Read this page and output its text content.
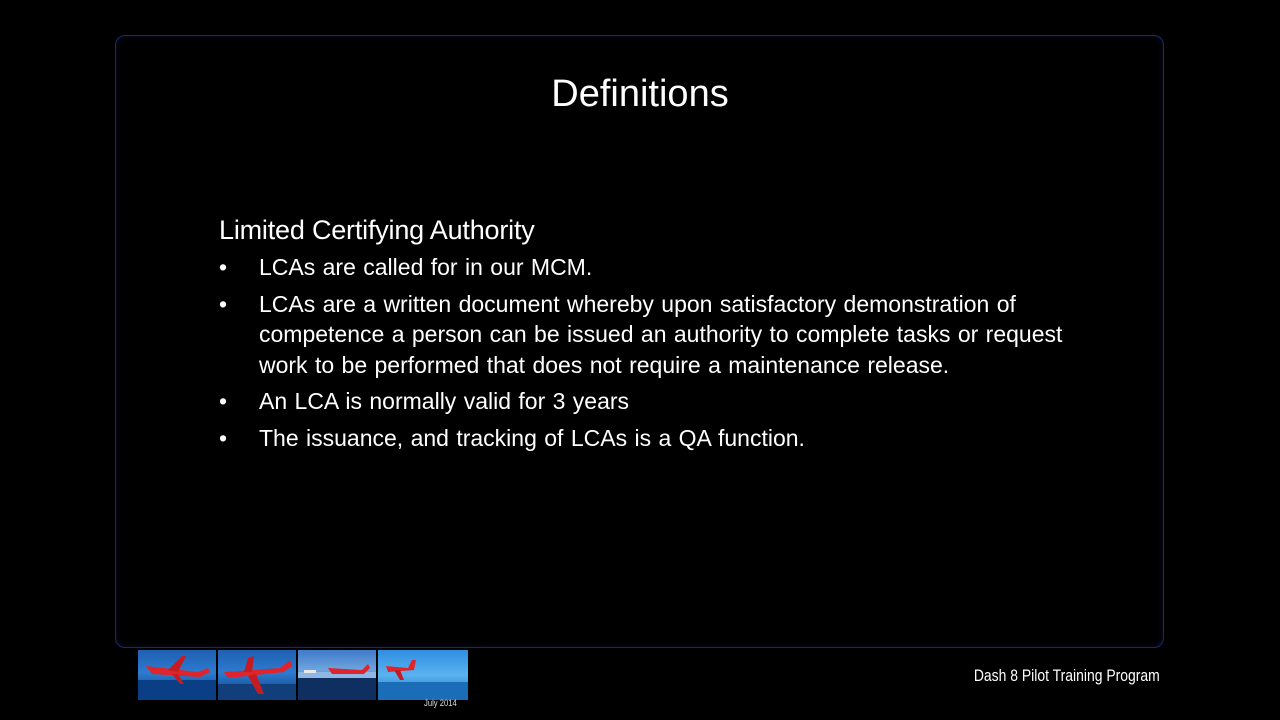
Definitions
Limited Certifying Authority
•	LCAs are called for in our MCM.
•	LCAs are a written document whereby upon satisfactory demonstration of competence a person can be issued an authority to complete tasks or request work to be performed that does not require a maintenance release.
•	An LCA is normally valid for 3 years
•	The issuance, and tracking of LCAs is a QA function.
July 2014
Dash 8 Pilot Training Program
